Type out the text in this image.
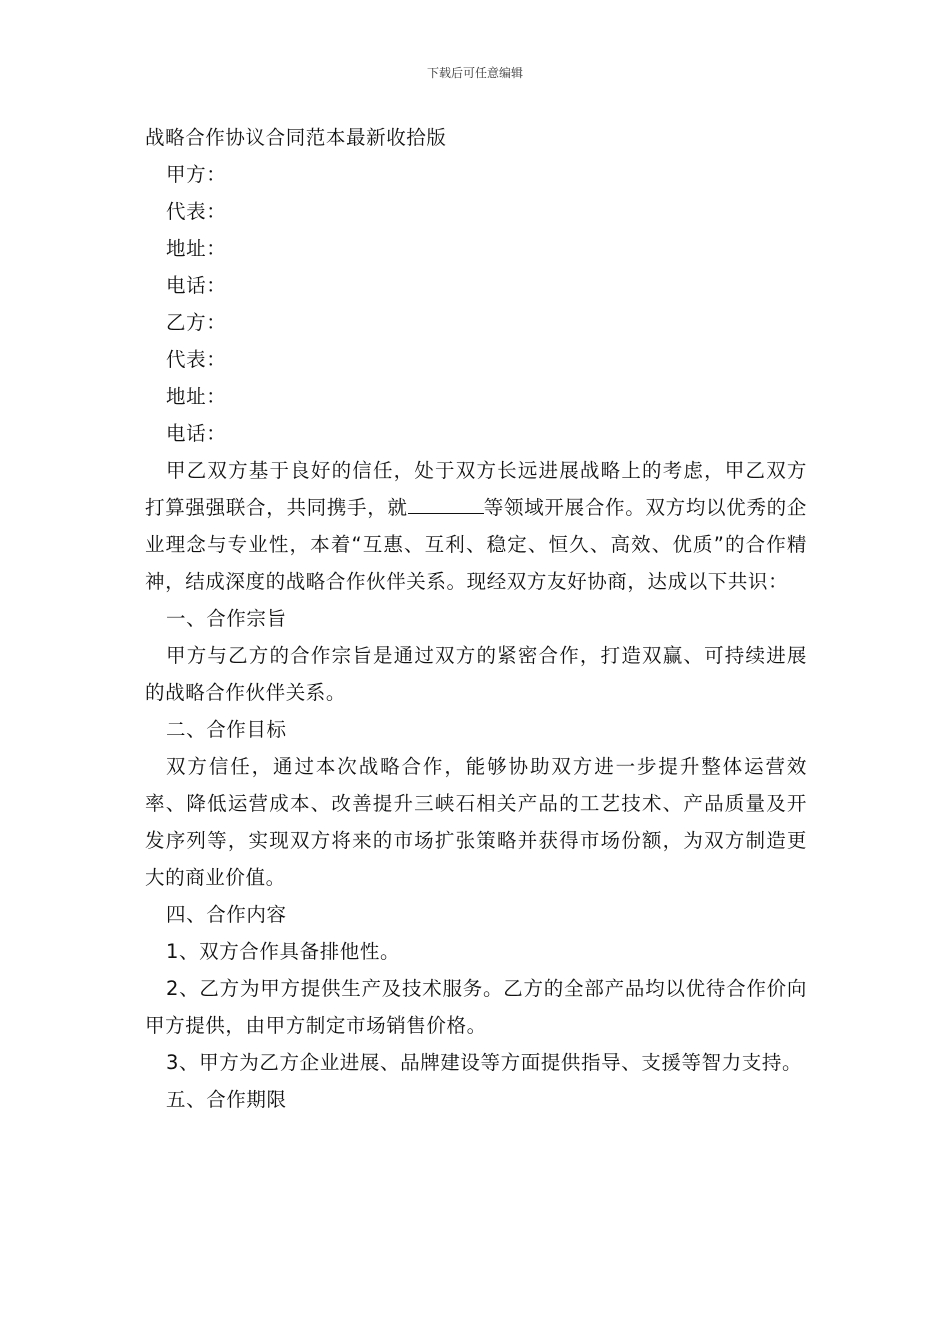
下载后可任意编辑
战略合作协议合同范本最新收拾版
甲方：
代表：
地址：
电话：
乙方：
代表：
地址：
电话：
甲乙双方基于良好的信任，处于双方长远进展战略上的考虑，甲乙双方打算强强联合，共同携手，就	等领域开展合作。双方均以优秀的企业理念与专业性，本着“互惠、互利、稳定、恒久、高效、优质”的合作精神，结成深度的战略合作伙伴关系。现经双方友好协商，达成以下共识：
一、合作宗旨
甲方与乙方的合作宗旨是通过双方的紧密合作，打造双赢、可持续进展的战略合作伙伴关系。
二、合作目标
双方信任，通过本次战略合作，能够协助双方进一步提升整体运营效率、降低运营成本、改善提升三峡石相关产品的工艺技术、产品质量及开发序列等，实现双方将来的市场扩张策略并获得市场份额，为双方制造更大的商业价值。
四、合作内容
1、双方合作具备排他性。
2、乙方为甲方提供生产及技术服务。乙方的全部产品均以优待合作价向甲方提供，由甲方制定市场销售价格。
3、甲方为乙方企业进展、品牌建设等方面提供指导、支援等智力支持。
五、合作期限
